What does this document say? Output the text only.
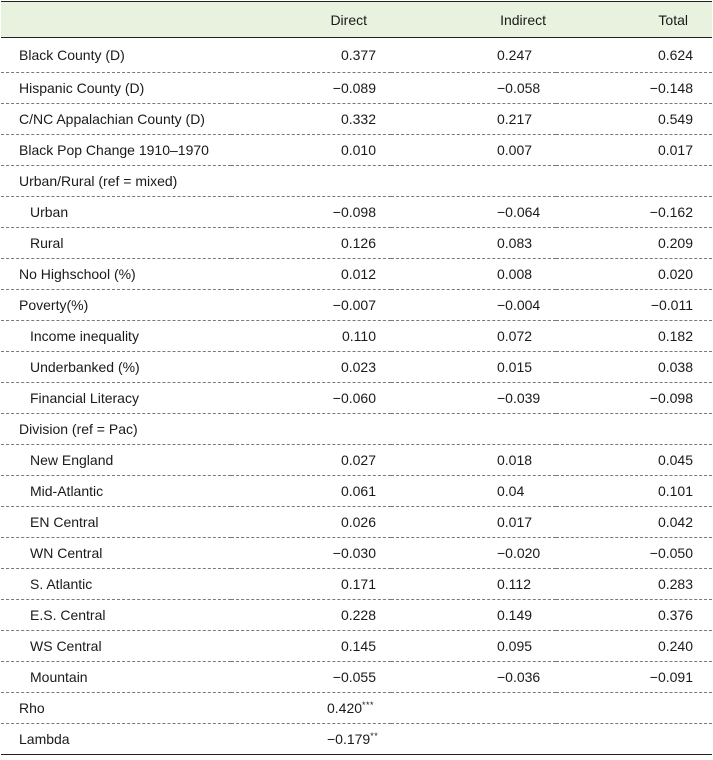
	Direct	Indirect	Total
Black County (D)	0.377	0.247	0.624
Hispanic County (D)	−0.089	−0.058	−0.148
C/NC Appalachian County (D)	0.332	0.217	0.549
Black Pop Change 1910–1970	0.010	0.007	0.017
Urban/Rural (ref = mixed)			
Urban	−0.098	−0.064	−0.162
Rural	0.126	0.083	0.209
No Highschool (%)	0.012	0.008	0.020
Poverty(%)	−0.007	−0.004	−0.011
Income inequality	0.110	0.072	0.182
Underbanked (%)	0.023	0.015	0.038
Financial Literacy	−0.060	−0.039	−0.098
Division (ref = Pac)			
New England	0.027	0.018	0.045
Mid-Atlantic	0.061	0.04	0.101
EN Central	0.026	0.017	0.042
WN Central	−0.030	−0.020	−0.050
S. Atlantic	0.171	0.112	0.283
E.S. Central	0.228	0.149	0.376
WS Central	0.145	0.095	0.240
Mountain	−0.055	−0.036	−0.091
Rho	0.420***		
Lambda	−0.179**		
